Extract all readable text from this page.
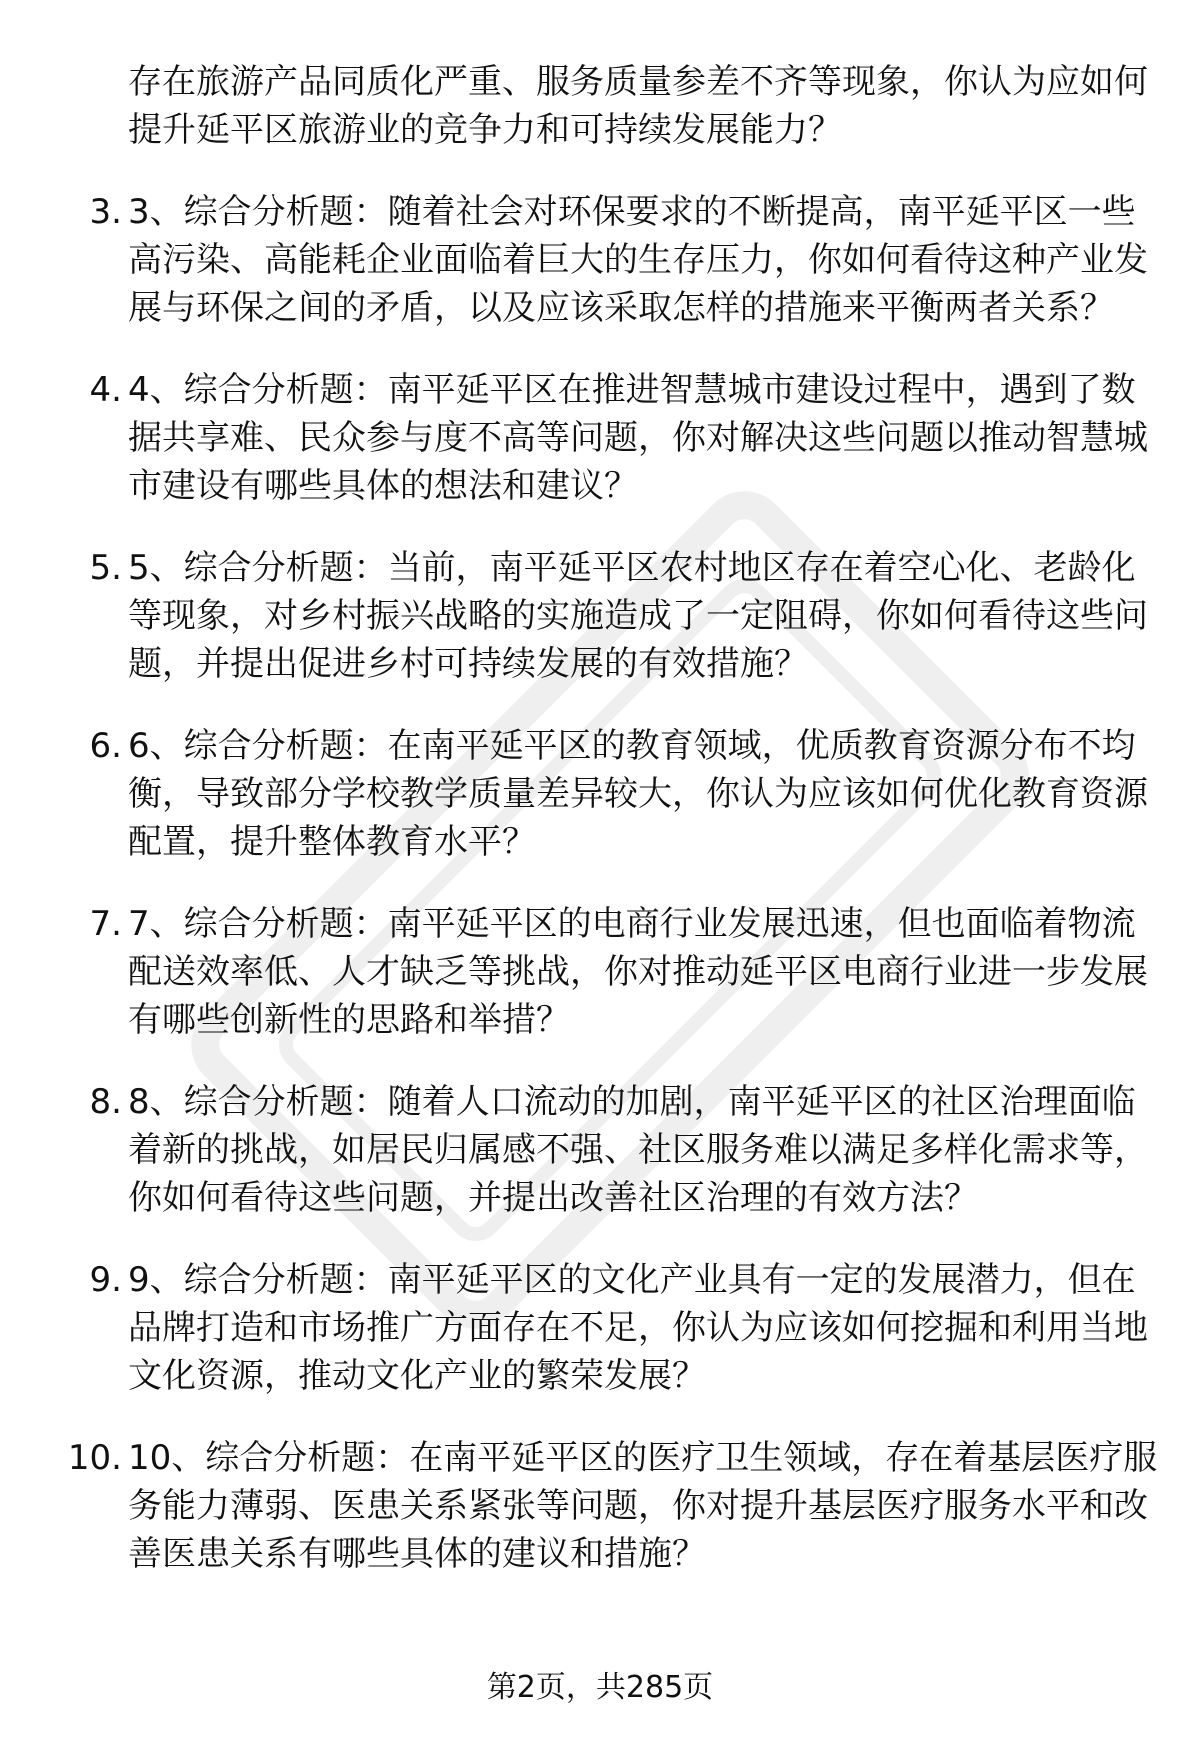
存在旅游产品同质化严重、服务质量参差不齐等现象，你认为应如何提升延平区旅游业的竞争力和可持续发展能力？
3. 3、综合分析题：随着社会对环保要求的不断提高，南平延平区一些高污染、高能耗企业面临着巨大的生存压力，你如何看待这种产业发展与环保之间的矛盾，以及应该采取怎样的措施来平衡两者关系？
4. 4、综合分析题：南平延平区在推进智慧城市建设过程中，遇到了数据共享难、民众参与度不高等问题，你对解决这些问题以推动智慧城市建设有哪些具体的想法和建议？
5. 5、综合分析题：当前，南平延平区农村地区存在着空心化、老龄化等现象，对乡村振兴战略的实施造成了一定阻碍，你如何看待这些问题，并提出促进乡村可持续发展的有效措施？
6. 6、综合分析题：在南平延平区的教育领域，优质教育资源分布不均衡，导致部分学校教学质量差异较大，你认为应该如何优化教育资源配置，提升整体教育水平？
7. 7、综合分析题：南平延平区的电商行业发展迅速，但也面临着物流配送效率低、人才缺乏等挑战，你对推动延平区电商行业进一步发展有哪些创新性的思路和举措？
8. 8、综合分析题：随着人口流动的加剧，南平延平区的社区治理面临着新的挑战，如居民归属感不强、社区服务难以满足多样化需求等，你如何看待这些问题，并提出改善社区治理的有效方法？
9. 9、综合分析题：南平延平区的文化产业具有一定的发展潜力，但在品牌打造和市场推广方面存在不足，你认为应该如何挖掘和利用当地文化资源，推动文化产业的繁荣发展？
10. 10、综合分析题：在南平延平区的医疗卫生领域，存在着基层医疗服务能力薄弱、医患关系紧张等问题，你对提升基层医疗服务水平和改善医患关系有哪些具体的建议和措施？
第2页，共285页
